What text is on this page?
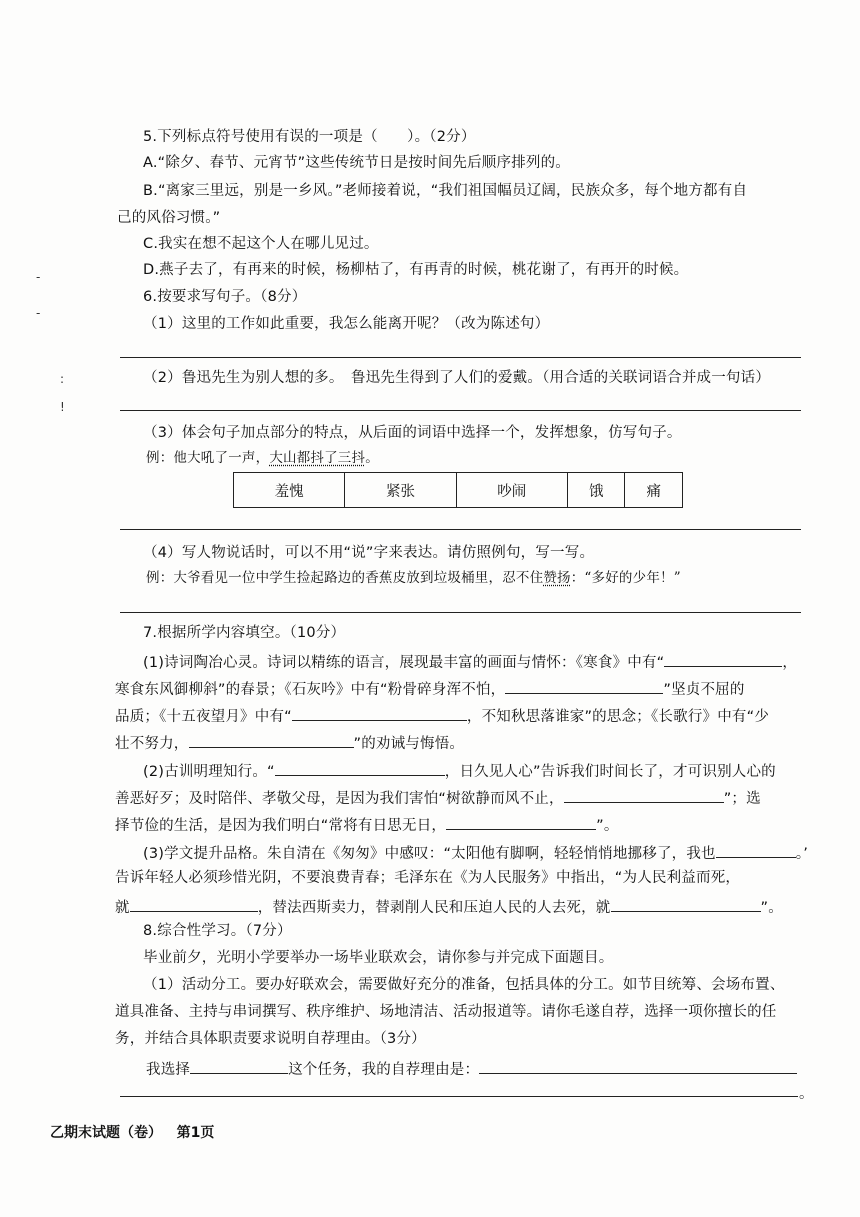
-
-
:
!
5.下列标点符号使用有误的一项是（　　）。（2分）
A.“除夕、春节、元宵节”这些传统节日是按时间先后顺序排列的。
B.“离家三里远，别是一乡风。”老师接着说，“我们祖国幅员辽阔，民族众多，每个地方都有自
己的风俗习惯。”
C.我实在想不起这个人在哪儿见过。
D.燕子去了，有再来的时候，杨柳枯了，有再青的时候，桃花谢了，有再开的时候。
6.按要求写句子。（8分）
（1）这里的工作如此重要，我怎么能离开呢？（改为陈述句）
（2）鲁迅先生为别人想的多。　鲁迅先生得到了人们的爱戴。（用合适的关联词语合并成一句话）
（3）体会句子加点部分的特点，从后面的词语中选择一个，发挥想象，仿写句子。
例：他大吼了一声，大山都抖了三抖。
羞愧	紧张	吵闹	饿	痛
（4）写人物说话时，可以不用“说”字来表达。请仿照例句，写一写。
例：大爷看见一位中学生捡起路边的香蕉皮放到垃圾桶里，忍不住赞扬：“多好的少年！”
7.根据所学内容填空。（10分）
(1)诗词陶冶心灵。诗词以精练的语言，展现最丰富的画面与情怀：《寒食》中有“	，
寒食东风御柳斜”的春景；《石灰吟》中有“粉骨碎身浑不怕，	”坚贞不屈的
品质；《十五夜望月》中有“	，不知秋思落谁家”的思念；《长歌行》中有“少
壮不努力，	”的劝诫与悔悟。
(2)古训明理知行。“	，日久见人心”告诉我们时间长了，才可识别人心的
善恶好歹；及时陪伴、孝敬父母，是因为我们害怕“树欲静而风不止，	”；选
择节俭的生活，是因为我们明白“常将有日思无日，	”。
(3)学文提升品格。朱自清在《匆匆》中感叹：“太阳他有脚啊，轻轻悄悄地挪移了，我也	。’
告诉年轻人必须珍惜光阴，不要浪费青春；毛泽东在《为人民服务》中指出，“为人民利益而死，
就	，替法西斯卖力，替剥削人民和压迫人民的人去死，就	”。
8.综合性学习。（7分）
毕业前夕，光明小学要举办一场毕业联欢会，请你参与并完成下面题目。
（1）活动分工。要办好联欢会，需要做好充分的准备，包括具体的分工。如节目统筹、会场布置、
道具准备、主持与串词撰写、秩序维护、场地清洁、活动报道等。请你毛遂自荐，选择一项你擅长的任
务，并结合具体职责要求说明自荐理由。（3分）
我选择	这个任务，我的自荐理由是：
。
乙期末试题（卷） 第1页
